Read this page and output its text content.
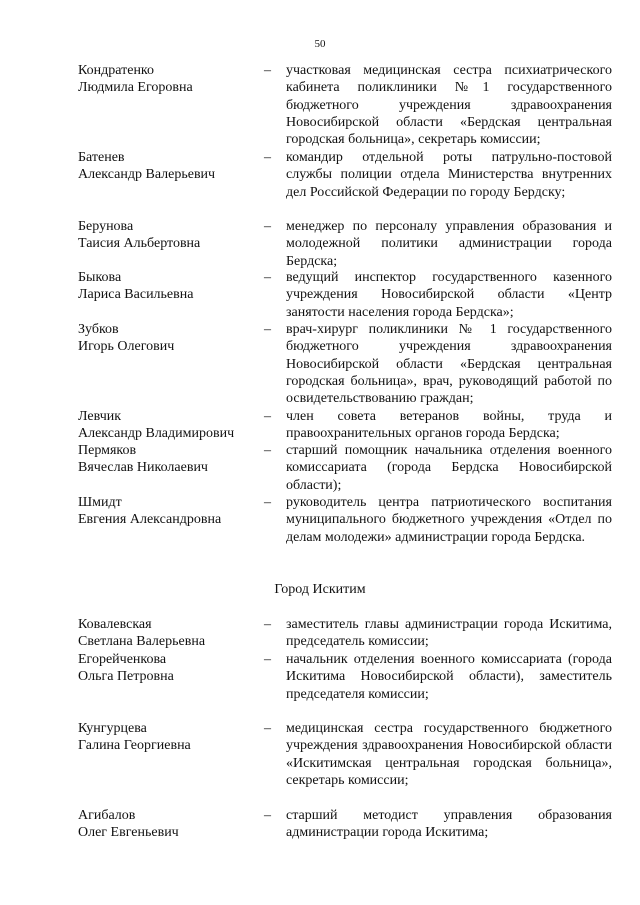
50
Кондратенко
Людмила Егоровна
– участковая медицинская сестра психиатрического кабинета поликлиники №1 государственного бюджетного учреждения здравоохранения Новосибирской области «Бердская центральная городская больница», секретарь комиссии;
Батенев
Александр Валерьевич
– командир отдельной роты патрульно-постовой службы полиции отдела Министерства внутренних дел Российской Федерации по городу Бердску;
Берунова
Таисия Альбертовна
– менеджер по персоналу управления образования и молодежной политики администрации города Бердска;
Быкова
Лариса Васильевна
– ведущий инспектор государственного казенного учреждения Новосибирской области «Центр занятости населения города Бердска»;
Зубков
Игорь Олегович
– врач-хирург поликлиники № 1 государственного бюджетного учреждения здравоохранения Новосибирской области «Бердская центральная городская больница», врач, руководящий работой по освидетельствованию граждан;
Левчик
Александр Владимирович
– член совета ветеранов войны, труда и правоохранительных органов города Бердска;
Пермяков
Вячеслав Николаевич
– старший помощник начальника отделения военного комиссариата (города Бердска Новосибирской области);
Шмидт
Евгения Александровна
– руководитель центра патриотического воспитания муниципального бюджетного учреждения «Отдел по делам молодежи» администрации города Бердска.
Город Искитим
Ковалевская
Светлана Валерьевна
– заместитель главы администрации города Искитима, председатель комиссии;
Егорейченкова
Ольга Петровна
– начальник отделения военного комиссариата (города Искитима Новосибирской области), заместитель председателя комиссии;
Кунгурцева
Галина Георгиевна
– медицинская сестра государственного бюджетного учреждения здравоохранения Новосибирской области «Искитимская центральная городская больница», секретарь комиссии;
Агибалов
Олег Евгеньевич
– старший методист управления образования администрации города Искитима;
